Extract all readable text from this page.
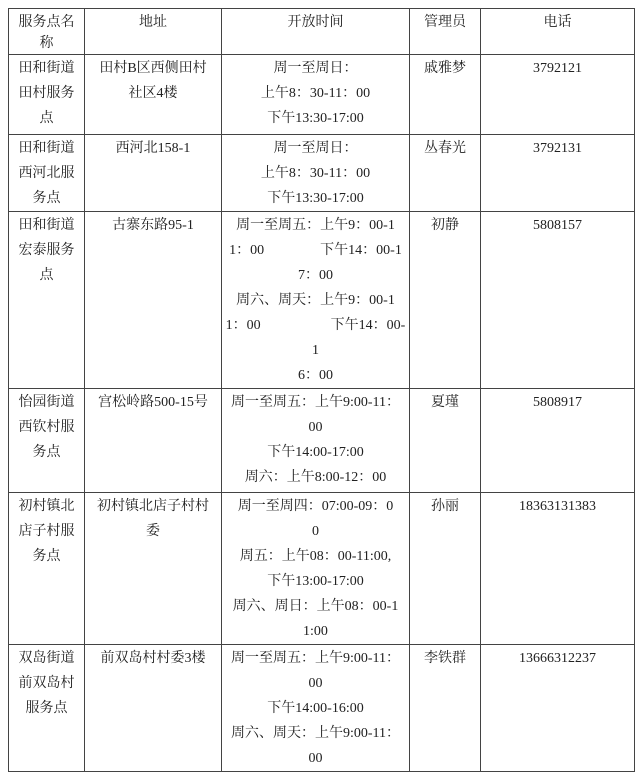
服务点名
称	地址	开放时间	管理员	电话
田和街道
田村服务
点	田村B区西侧田村
社区4楼	周一至周日：
上午8：30-11：00
下午13:30-17:00	戚雅梦	3792121
田和街道
西河北服
务点	西河北158-1	周一至周日：
上午8：30-11：00
下午13:30-17:00	丛春光	3792131
田和街道
宏泰服务
点	古寨东路95-1	周一至周五：上午9：00-1
1：00　　　　下午14：00-1
7：00
周六、周天：上午9：00-1
1：00　　　　　下午14：00-1
6：00	初静	5808157
怡园街道
西钦村服
务点	宫松岭路500-15号	周一至周五：上午9:00-11：
00
下午14:00-17:00
周六：上午8:00-12：00	夏瑾	5808917
初村镇北
店子村服
务点	初村镇北店子村村
委	周一至周四：07:00-09：0
0
周五：上午08：00-11:00,
下午13:00-17:00
周六、周日：上午08：00-1
1:00	孙丽	18363131383
双岛街道
前双岛村
服务点	前双岛村村委3楼	周一至周五：上午9:00-11：
00
下午14:00-16:00
周六、周天：上午9:00-11：
00	李铁群	13666312237
